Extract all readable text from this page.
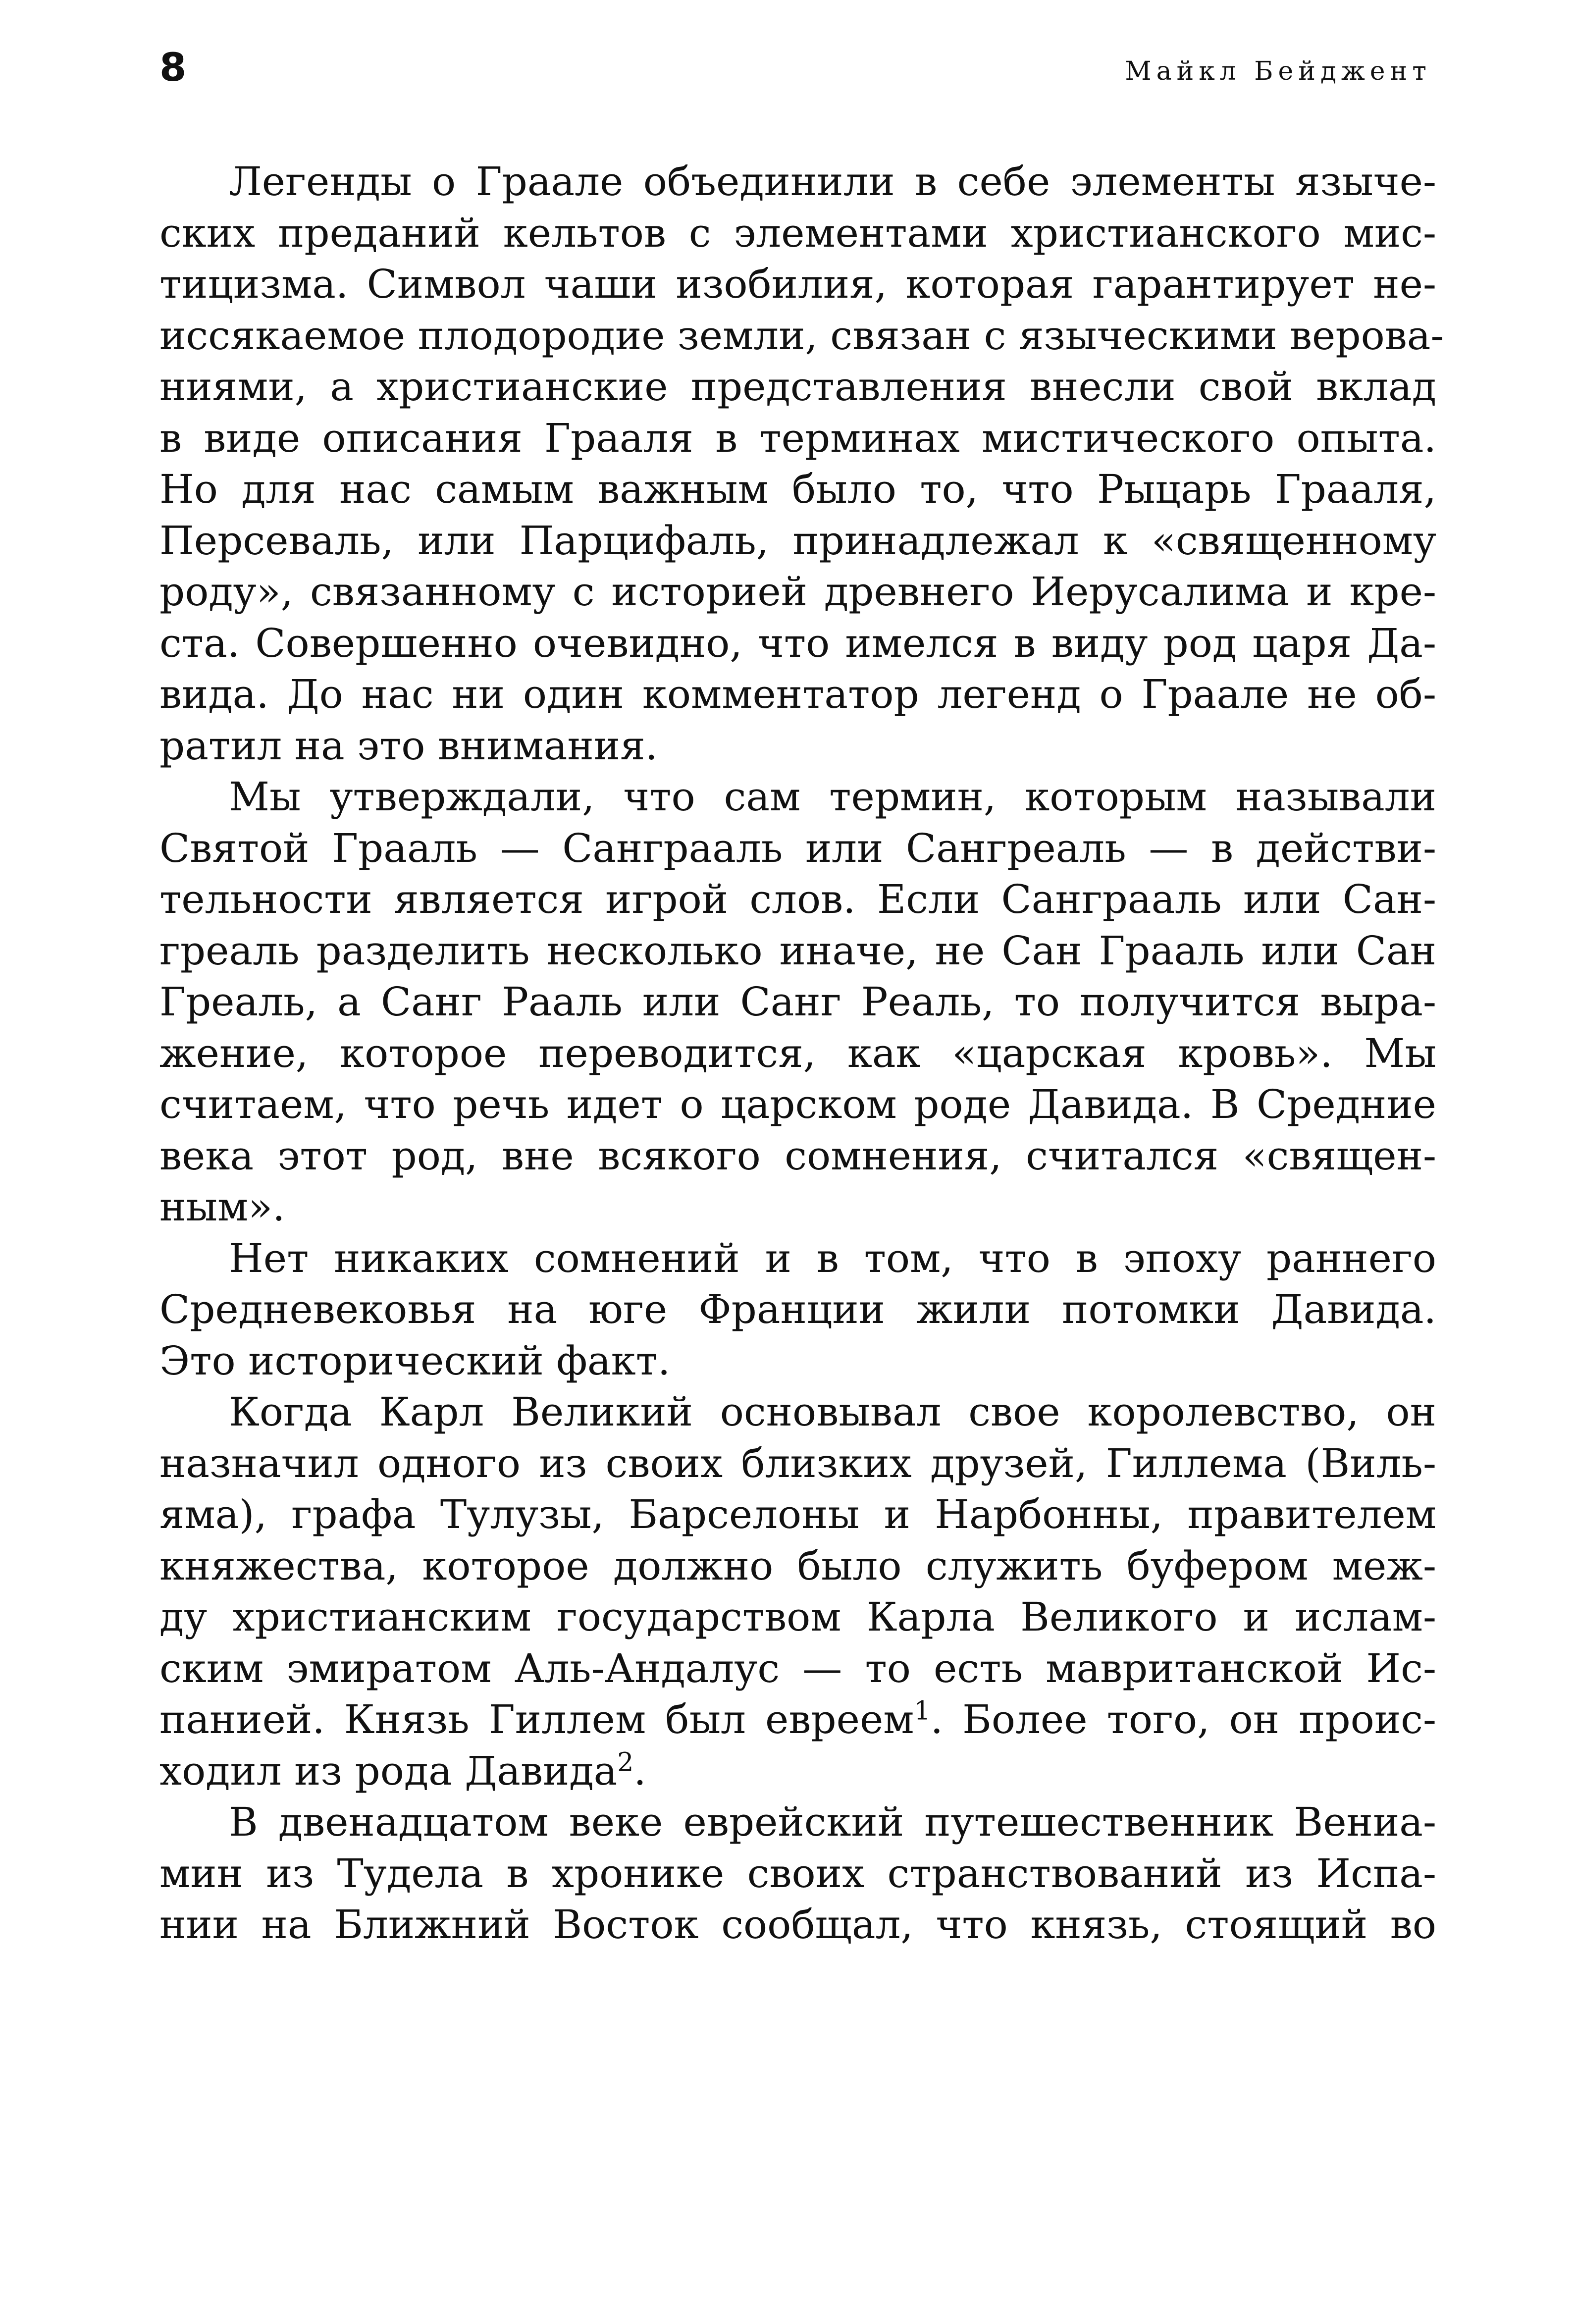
8	Майкл Бейджент
Легенды о Граале объединили в себе элементы языче-
ских преданий кельтов с элементами христианского мис-
тицизма. Символ чаши изобилия, которая гарантирует не-
иссякаемое плодородие земли, связан с языческими верова-
ниями, а христианские представления внесли свой вклад
в виде описания Грааля в терминах мистического опыта.
Но для нас самым важным было то, что Рыцарь Грааля,
Персеваль, или Парцифаль, принадлежал к «священному
роду», связанному с историей древнего Иерусалима и кре-
ста. Совершенно очевидно, что имелся в виду род царя Да-
вида. До нас ни один комментатор легенд о Граале не об-
ратил на это внимания.
Мы утверждали, что сам термин, которым называли
Святой Грааль — Санграаль или Сангреаль — в действи-
тельности является игрой слов. Если Санграаль или Сан-
греаль разделить несколько иначе, не Сан Грааль или Сан
Греаль, а Санг Рааль или Санг Реаль, то получится выра-
жение, которое переводится, как «царская кровь». Мы
считаем, что речь идет о царском роде Давида. В Средние
века этот род, вне всякого сомнения, считался «священ-
ным».
Нет никаких сомнений и в том, что в эпоху раннего
Средневековья на юге Франции жили потомки Давида.
Это исторический факт.
Когда Карл Великий основывал свое королевство, он
назначил одного из своих близких друзей, Гиллема (Виль-
яма), графа Тулузы, Барселоны и Нарбонны, правителем
княжества, которое должно было служить буфером меж-
ду христианским государством Карла Великого и ислам-
ским эмиратом Аль-Андалус — то есть мавританской Ис-
панией. Князь Гиллем был евреем$^1$. Более того, он проис-
ходил из рода Давида$^2$.
В двенадцатом веке еврейский путешественник Вениа-
мин из Тудела в хронике своих странствований из Испа-
нии на Ближний Восток сообщал, что князь, стоящий во
